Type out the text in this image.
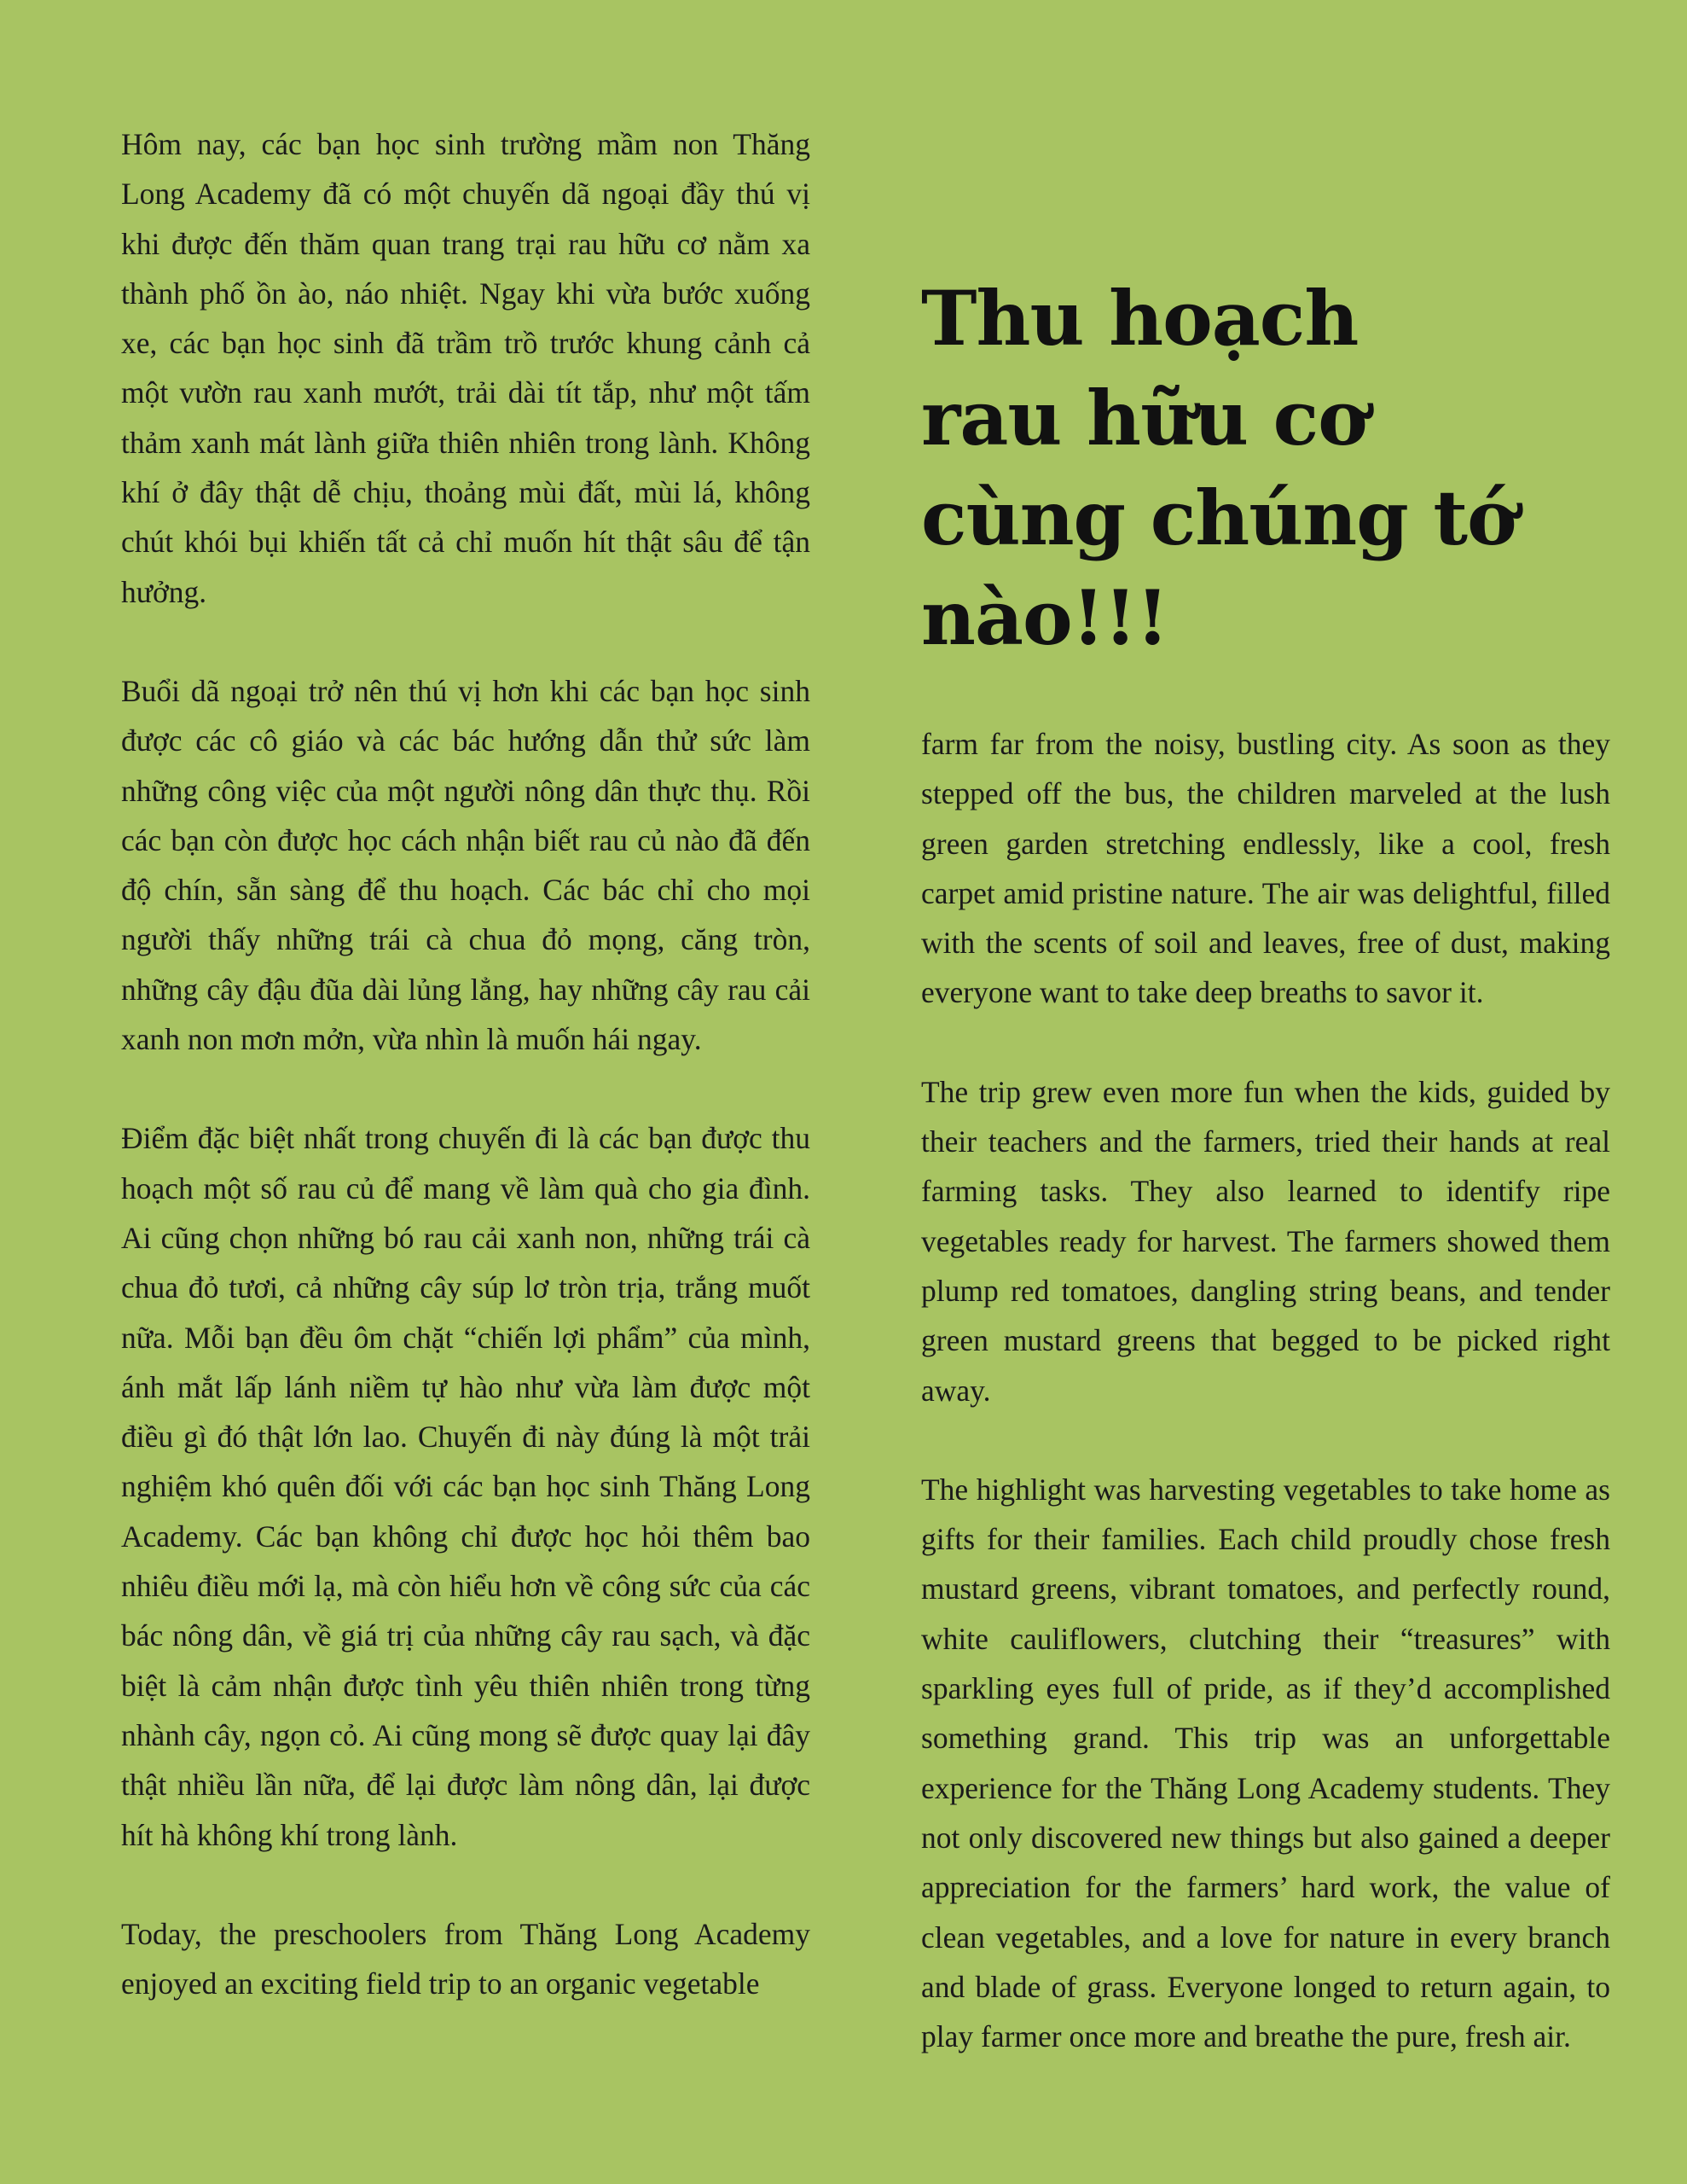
Hôm nay, các bạn học sinh trường mầm non Thăng Long Academy đã có một chuyến dã ngoại đầy thú vị khi được đến thăm quan trang trại rau hữu cơ nằm xa thành phố ồn ào, náo nhiệt. Ngay khi vừa bước xuống xe, các bạn học sinh đã trầm trồ trước khung cảnh cả một vườn rau xanh mướt, trải dài tít tắp, như một tấm thảm xanh mát lành giữa thiên nhiên trong lành. Không khí ở đây thật dễ chịu, thoảng mùi đất, mùi lá, không chút khói bụi khiến tất cả chỉ muốn hít thật sâu để tận hưởng.

Buổi dã ngoại trở nên thú vị hơn khi các bạn học sinh được các cô giáo và các bác hướng dẫn thử sức làm những công việc của một người nông dân thực thụ. Rồi các bạn còn được học cách nhận biết rau củ nào đã đến độ chín, sẵn sàng để thu hoạch. Các bác chỉ cho mọi người thấy những trái cà chua đỏ mọng, căng tròn, những cây đậu đũa dài lủng lẳng, hay những cây rau cải xanh non mơn mởn, vừa nhìn là muốn hái ngay.

Điểm đặc biệt nhất trong chuyến đi là các bạn được thu hoạch một số rau củ để mang về làm quà cho gia đình. Ai cũng chọn những bó rau cải xanh non, những trái cà chua đỏ tươi, cả những cây súp lơ tròn trịa, trắng muốt nữa. Mỗi bạn đều ôm chặt “chiến lợi phẩm” của mình, ánh mắt lấp lánh niềm tự hào như vừa làm được một điều gì đó thật lớn lao. Chuyến đi này đúng là một trải nghiệm khó quên đối với các bạn học sinh Thăng Long Academy. Các bạn không chỉ được học hỏi thêm bao nhiêu điều mới lạ, mà còn hiểu hơn về công sức của các bác nông dân, về giá trị của những cây rau sạch, và đặc biệt là cảm nhận được tình yêu thiên nhiên trong từng nhành cây, ngọn cỏ. Ai cũng mong sẽ được quay lại đây thật nhiều lần nữa, để lại được làm nông dân, lại được hít hà không khí trong lành.

Today, the preschoolers from Thăng Long Academy enjoyed an exciting field trip to an organic vegetable

Thu hoạch
rau hữu cơ
cùng chúng tớ
nào!!!

farm far from the noisy, bustling city. As soon as they stepped off the bus, the children marveled at the lush green garden stretching endlessly, like a cool, fresh carpet amid pristine nature. The air was delightful, filled with the scents of soil and leaves, free of dust, making everyone want to take deep breaths to savor it.

The trip grew even more fun when the kids, guided by their teachers and the farmers, tried their hands at real farming tasks. They also learned to identify ripe vegetables ready for harvest. The farmers showed them plump red tomatoes, dangling string beans, and tender green mustard greens that begged to be picked right away.

The highlight was harvesting vegetables to take home as gifts for their families. Each child proudly chose fresh mustard greens, vibrant tomatoes, and perfectly round, white cauliflowers, clutching their “treasures” with sparkling eyes full of pride, as if they’d accomplished something grand. This trip was an unforgettable experience for the Thăng Long Academy students. They not only discovered new things but also gained a deeper appreciation for the farmers’ hard work, the value of clean vegetables, and a love for nature in every branch and blade of grass. Everyone longed to return again, to play farmer once more and breathe the pure, fresh air.
